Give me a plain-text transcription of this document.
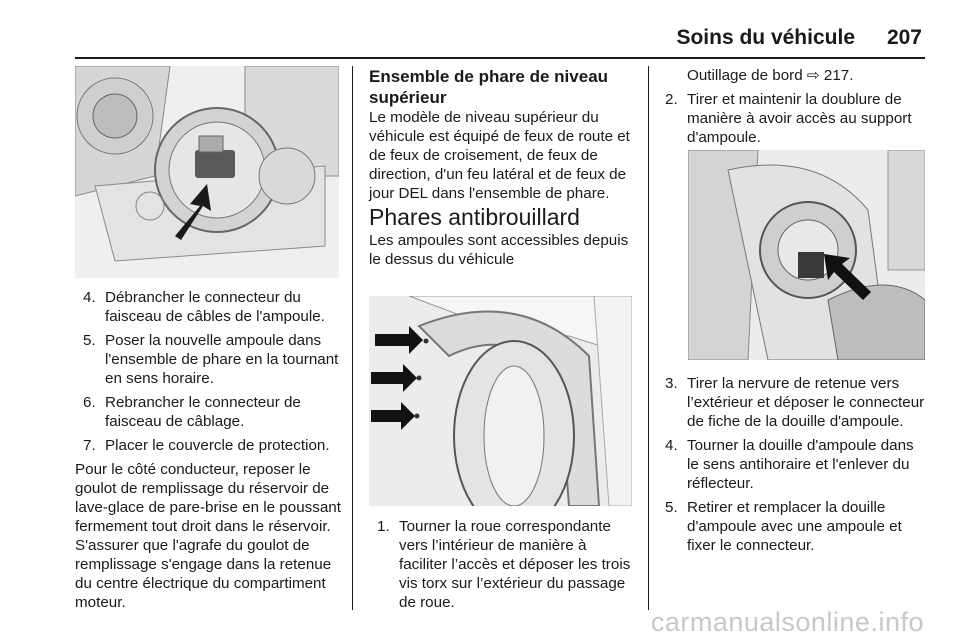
Soins du véhicule 207
4. Débrancher le connecteur du faisceau de câbles de l'ampoule.
5. Poser la nouvelle ampoule dans l'ensemble de phare en la tournant en sens horaire.
6. Rebrancher le connecteur de faisceau de câblage.
7. Placer le couvercle de protection.

Pour le côté conducteur, reposer le goulot de remplissage du réservoir de lave-glace de pare-brise en le poussant fermement tout droit dans le réservoir. S'assurer que l'agrafe du goulot de remplissage s'engage dans la retenue du centre électrique du compartiment moteur.

Ensemble de phare de niveau supérieur

Le modèle de niveau supérieur du véhicule est équipé de feux de route et de feux de croisement, de feux de direction, d'un feu latéral et de feux de jour DEL dans l'ensemble de phare.

Phares antibrouillard

Les ampoules sont accessibles depuis le dessus du véhicule

1. Tourner la roue correspondante vers l’intérieur de manière à faciliter l’accès et déposer les trois vis torx sur l’extérieur du passage de roue.

Outillage de bord ⇨ 217.

2. Tirer et maintenir la doublure de manière à avoir accès au support d'ampoule.
3. Tirer la nervure de retenue vers l’extérieur et déposer le connecteur de fiche de la douille d'ampoule.
4. Tourner la douille d'ampoule dans le sens antihoraire et l'enlever du réflecteur.
5. Retirer et remplacer la douille d'ampoule avec une ampoule et fixer le connecteur.
carmanualsonline.info
